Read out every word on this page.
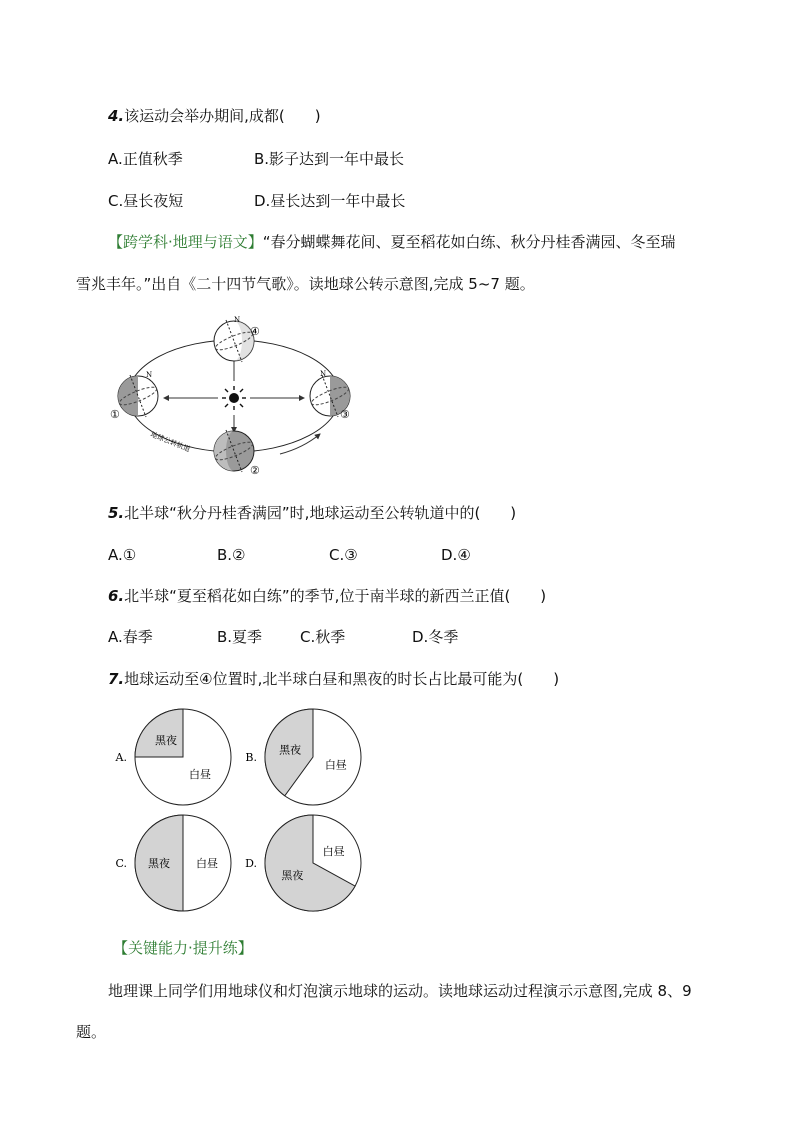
4.该运动会举办期间,成都(　　)
A.正值秋季	B.影子达到一年中最长
C.昼长夜短	D.昼长达到一年中最长
【跨学科·地理与语文】“春分蝴蝶舞花间、夏至稻花如白练、秋分丹桂香满园、冬至瑞
雪兆丰年。”出自《二十四节气歌》。读地球公转示意图,完成 5~7 题。
④
N
①
N
③
N
②
地球公转轨道
5.北半球“秋分丹桂香满园”时,地球运动至公转轨道中的(　　)
A.①	B.②	C.③	D.④
6.北半球“夏至稻花如白练”的季节,位于南半球的新西兰正值(　　)
A.春季	B.夏季	C.秋季	D.冬季
7.地球运动至④位置时,北半球白昼和黑夜的时长占比最可能为(　　)
黑夜
白昼
A.
黑夜
白昼
B.
黑夜 白昼
C.
黑夜
白昼
D.
【关键能力·提升练】
地理课上同学们用地球仪和灯泡演示地球的运动。读地球运动过程演示示意图,完成 8、9
题。
